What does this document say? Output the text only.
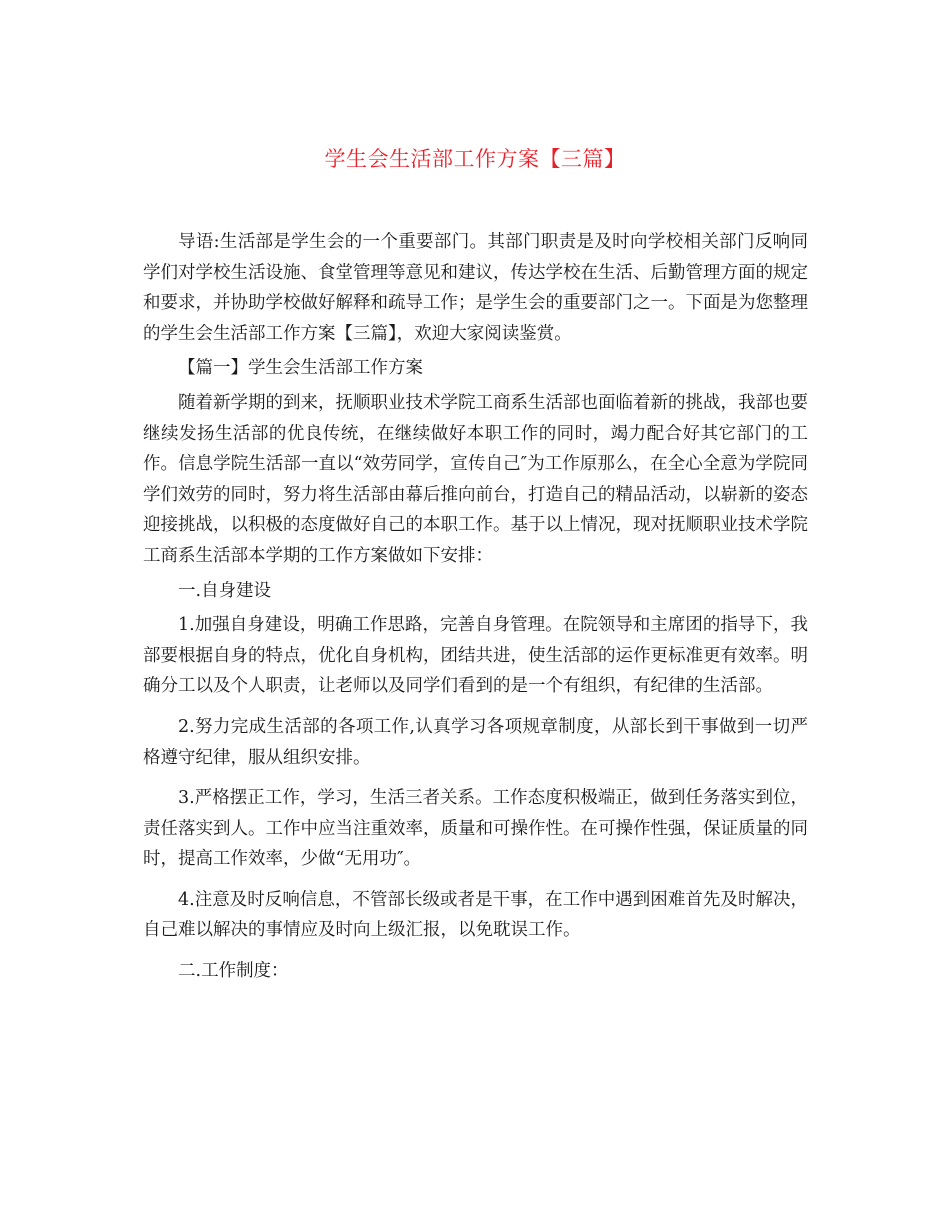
学生会生活部工作方案【三篇】

导语:生活部是学生会的一个重要部门。其部门职责是及时向学校相关部门反响同学们对学校生活设施、食堂管理等意见和建议，传达学校在生活、后勤管理方面的规定和要求，并协助学校做好解释和疏导工作；是学生会的重要部门之一。下面是为您整理的学生会生活部工作方案【三篇】，欢迎大家阅读鉴赏。

【篇一】学生会生活部工作方案

随着新学期的到来，抚顺职业技术学院工商系生活部也面临着新的挑战，我部也要继续发扬生活部的优良传统，在继续做好本职工作的同时，竭力配合好其它部门的工作。信息学院生活部一直以“效劳同学，宣传自己″为工作原那么，在全心全意为学院同学们效劳的同时，努力将生活部由幕后推向前台，打造自己的精品活动，以崭新的姿态迎接挑战，以积极的态度做好自己的本职工作。基于以上情况，现对抚顺职业技术学院工商系生活部本学期的工作方案做如下安排：

一.自身建设

1.加强自身建设，明确工作思路，完善自身管理。在院领导和主席团的指导下，我部要根据自身的特点，优化自身机构，团结共进，使生活部的运作更标准更有效率。明确分工以及个人职责，让老师以及同学们看到的是一个有组织，有纪律的生活部。

2.努力完成生活部的各项工作,认真学习各项规章制度，从部长到干事做到一切严格遵守纪律，服从组织安排。

3.严格摆正工作，学习，生活三者关系。工作态度积极端正，做到任务落实到位，责任落实到人。工作中应当注重效率，质量和可操作性。在可操作性强，保证质量的同时，提高工作效率，少做“无用功″。

4.注意及时反响信息，不管部长级或者是干事，在工作中遇到困难首先及时解决，自己难以解决的事情应及时向上级汇报，以免耽误工作。

二.工作制度：
